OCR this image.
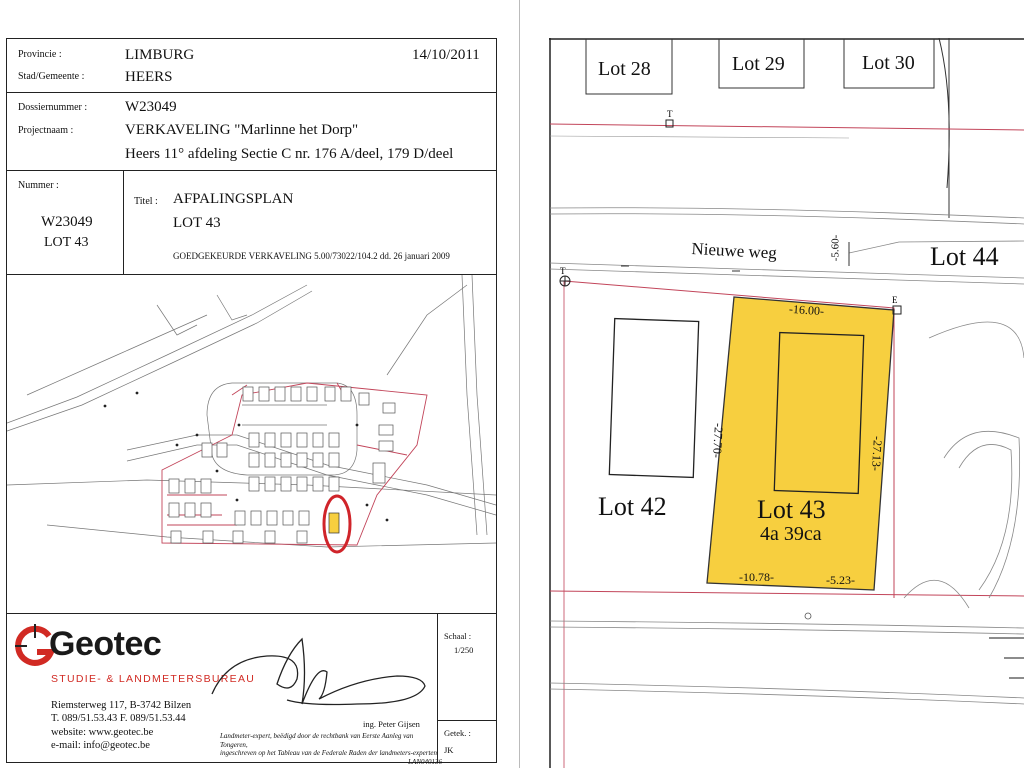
Provincie :	LIMBURG	14/10/2011
Stad/Gemeente :	HEERS
Dossiernummer :	W23049
Projectnaam :	VERKAVELING "Marlinne het Dorp"
Heers 11° afdeling Sectie C nr. 176 A/deel, 179 D/deel
Nummer :
W23049
LOT 43
Titel : AFPALINGSPLAN
LOT 43
GOEDGEKEURDE VERKAVELING 5.00/73022/104.2 dd. 26 januari 2009
Geotec
STUDIE- & LANDMETERSBUREAU
Riemsterweg 117, B-3742 Bilzen
T. 089/51.53.43 F. 089/51.53.44
website: www.geotec.be
e-mail: info@geotec.be
ing. Peter Gijsen
Landmeter-expert, beëdigd door de rechtbank van Eerste Aanleg van Tongeren,
ingeschreven op het Tableau van de Federale Raden der landmeters-experten
LAN040136
Schaal :
1/250
Getek. :
JK
T
T
E
Lot 28	Lot 29	Lot 30
Nieuwe weg	-5.60-	Lot 44
Lot 42	Lot 43
4a 39ca
-16.00-
-27.70-	-27.13-
-10.78-	-5.23-
